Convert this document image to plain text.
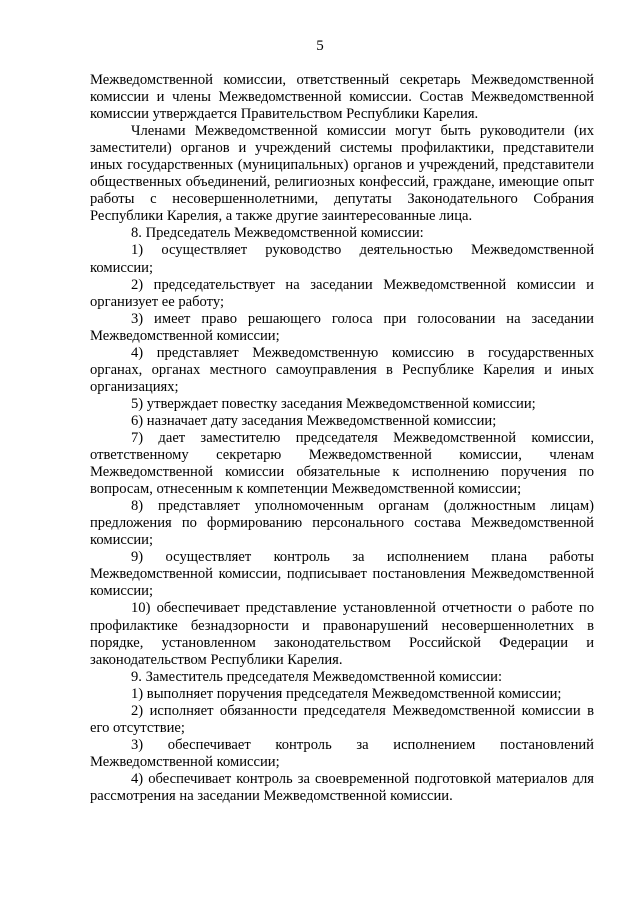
5

Межведомственной комиссии, ответственный секретарь Межведомственной комиссии и члены Межведомственной комиссии. Состав Межведомственной комиссии утверждается Правительством Республики Карелия.

Членами Межведомственной комиссии могут быть руководители (их заместители) органов и учреждений системы профилактики, представители иных государственных (муниципальных) органов и учреждений, представители общественных объединений, религиозных конфессий, граждане, имеющие опыт работы с несовершеннолетними, депутаты Законодательного Собрания Республики Карелия, а также другие заинтересованные лица.

8. Председатель Межведомственной комиссии:

1) осуществляет руководство деятельностью Межведомственной комиссии;

2) председательствует на заседании Межведомственной комиссии и организует ее работу;

3) имеет право решающего голоса при голосовании на заседании Межведомственной комиссии;

4) представляет Межведомственную комиссию в государственных органах, органах местного самоуправления в Республике Карелия и иных организациях;

5) утверждает повестку заседания Межведомственной комиссии;

6) назначает дату заседания Межведомственной комиссии;

7) дает заместителю председателя Межведомственной комиссии, ответственному секретарю Межведомственной комиссии, членам Межведомственной комиссии обязательные к исполнению поручения по вопросам, отнесенным к компетенции Межведомственной комиссии;

8) представляет уполномоченным органам (должностным лицам) предложения по формированию персонального состава Межведомственной комиссии;

9) осуществляет контроль за исполнением плана работы Межведомственной комиссии, подписывает постановления Межведомственной комиссии;

10) обеспечивает представление установленной отчетности о работе по профилактике безнадзорности и правонарушений несовершеннолетних в порядке, установленном законодательством Российской Федерации и законодательством Республики Карелия.

9. Заместитель председателя Межведомственной комиссии:

1) выполняет поручения председателя Межведомственной комиссии;

2) исполняет обязанности председателя Межведомственной комиссии в его отсутствие;

3) обеспечивает контроль за исполнением постановлений Межведомственной комиссии;

4) обеспечивает контроль за своевременной подготовкой материалов для рассмотрения на заседании Межведомственной комиссии.
